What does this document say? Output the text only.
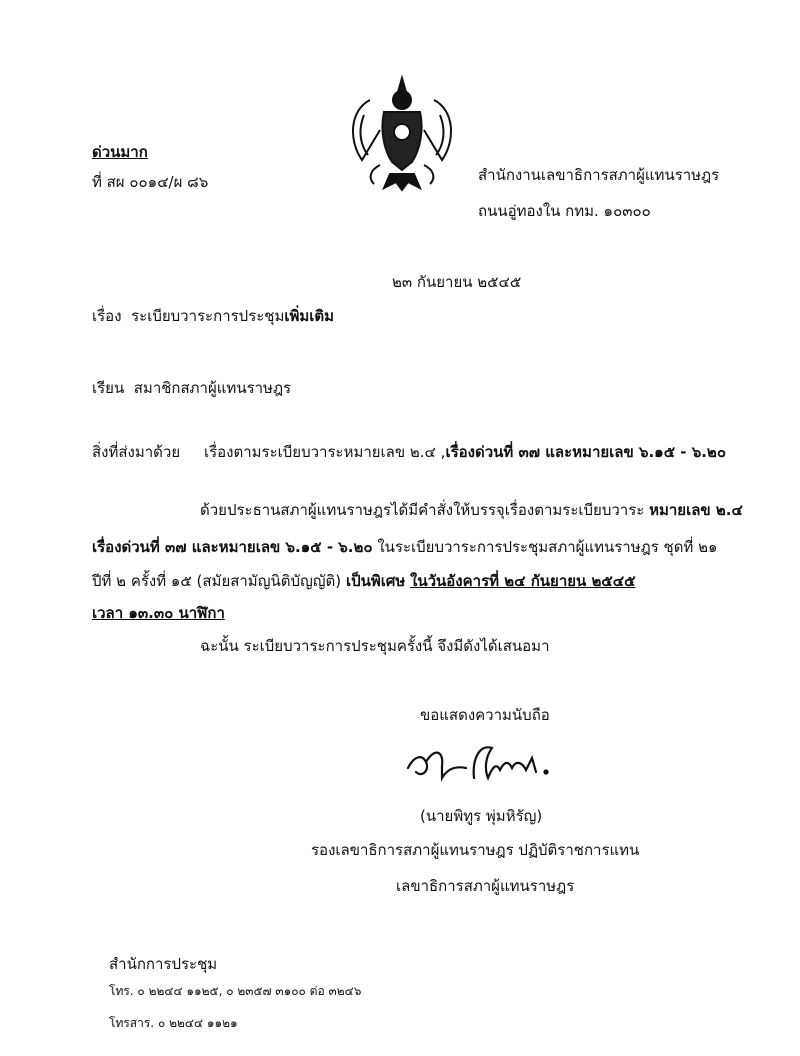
ด่วนมาก
ที่ สผ ๐๐๑๔/ผ ๘๖	สำนักงานเลขาธิการสภาผู้แทนราษฎร
ถนนอู่ทองใน กทม. ๑๐๓๐๐
๒๓ กันยายน ๒๕๔๕
เรื่อง ระเบียบวาระการประชุมเพิ่มเติม
เรียน สมาชิกสภาผู้แทนราษฎร
สิ่งที่ส่งมาด้วย เรื่องตามระเบียบวาระหมายเลข ๒.๔ ,เรื่องด่วนที่ ๓๗ และหมายเลข ๖.๑๕ - ๖.๒๐
ด้วยประธานสภาผู้แทนราษฎรได้มีคำสั่งให้บรรจุเรื่องตามระเบียบวาระ หมายเลข ๒.๔
เรื่องด่วนที่ ๓๗ และหมายเลข ๖.๑๕ - ๖.๒๐ ในระเบียบวาระการประชุมสภาผู้แทนราษฎร ชุดที่ ๒๑
ปีที่ ๒ ครั้งที่ ๑๕ (สมัยสามัญนิติบัญญัติ) เป็นพิเศษ ในวันอังคารที่ ๒๔ กันยายน ๒๕๔๕
เวลา ๑๓.๓๐ นาฬิกา
ฉะนั้น ระเบียบวาระการประชุมครั้งนี้ จึงมีดังได้เสนอมา
ขอแสดงความนับถือ
(นายพิทูร พุ่มหิรัญ)
รองเลขาธิการสภาผู้แทนราษฎร ปฏิบัติราชการแทน
เลขาธิการสภาผู้แทนราษฎร
สำนักการประชุม
โทร. ๐ ๒๒๔๔ ๑๑๒๕, ๐ ๒๓๕๗ ๓๑๐๐ ต่อ ๓๒๔๖
โทรสาร. ๐ ๒๒๔๔ ๑๑๒๑
